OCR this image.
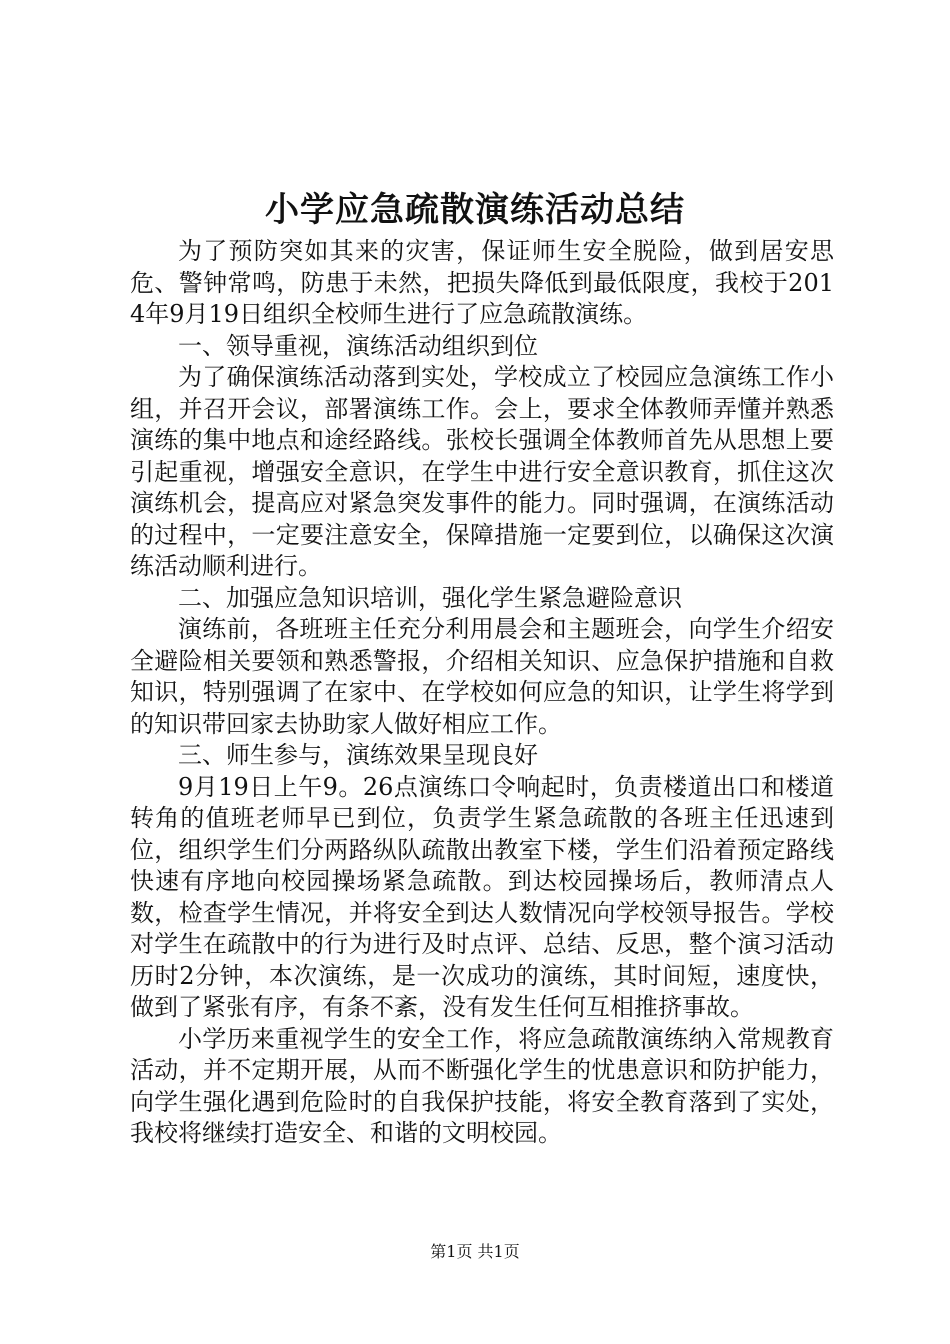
小学应急疏散演练活动总结

为了预防突如其来的灾害，保证师生安全脱险，做到居安思危、警钟常鸣，防患于未然，把损失降低到最低限度，我校于2014年9月19日组织全校师生进行了应急疏散演练。

一、领导重视，演练活动组织到位

为了确保演练活动落到实处，学校成立了校园应急演练工作小组，并召开会议，部署演练工作。会上，要求全体教师弄懂并熟悉演练的集中地点和途经路线。张校长强调全体教师首先从思想上要引起重视，增强安全意识，在学生中进行安全意识教育，抓住这次演练机会，提高应对紧急突发事件的能力。同时强调，在演练活动的过程中，一定要注意安全，保障措施一定要到位，以确保这次演练活动顺利进行。

二、加强应急知识培训，强化学生紧急避险意识

演练前，各班班主任充分利用晨会和主题班会，向学生介绍安全避险相关要领和熟悉警报，介绍相关知识、应急保护措施和自救知识，特别强调了在家中、在学校如何应急的知识，让学生将学到的知识带回家去协助家人做好相应工作。

三、师生参与，演练效果呈现良好

9月19日上午9。26点演练口令响起时，负责楼道出口和楼道转角的值班老师早已到位，负责学生紧急疏散的各班主任迅速到位，组织学生们分两路纵队疏散出教室下楼，学生们沿着预定路线快速有序地向校园操场紧急疏散。到达校园操场后，教师清点人数，检查学生情况，并将安全到达人数情况向学校领导报告。学校对学生在疏散中的行为进行及时点评、总结、反思，整个演习活动历时2分钟，本次演练，是一次成功的演练，其时间短，速度快，做到了紧张有序，有条不紊，没有发生任何互相推挤事故。

小学历来重视学生的安全工作，将应急疏散演练纳入常规教育活动，并不定期开展，从而不断强化学生的忧患意识和防护能力，向学生强化遇到危险时的自我保护技能，将安全教育落到了实处，我校将继续打造安全、和谐的文明校园。

第1页 共1页
